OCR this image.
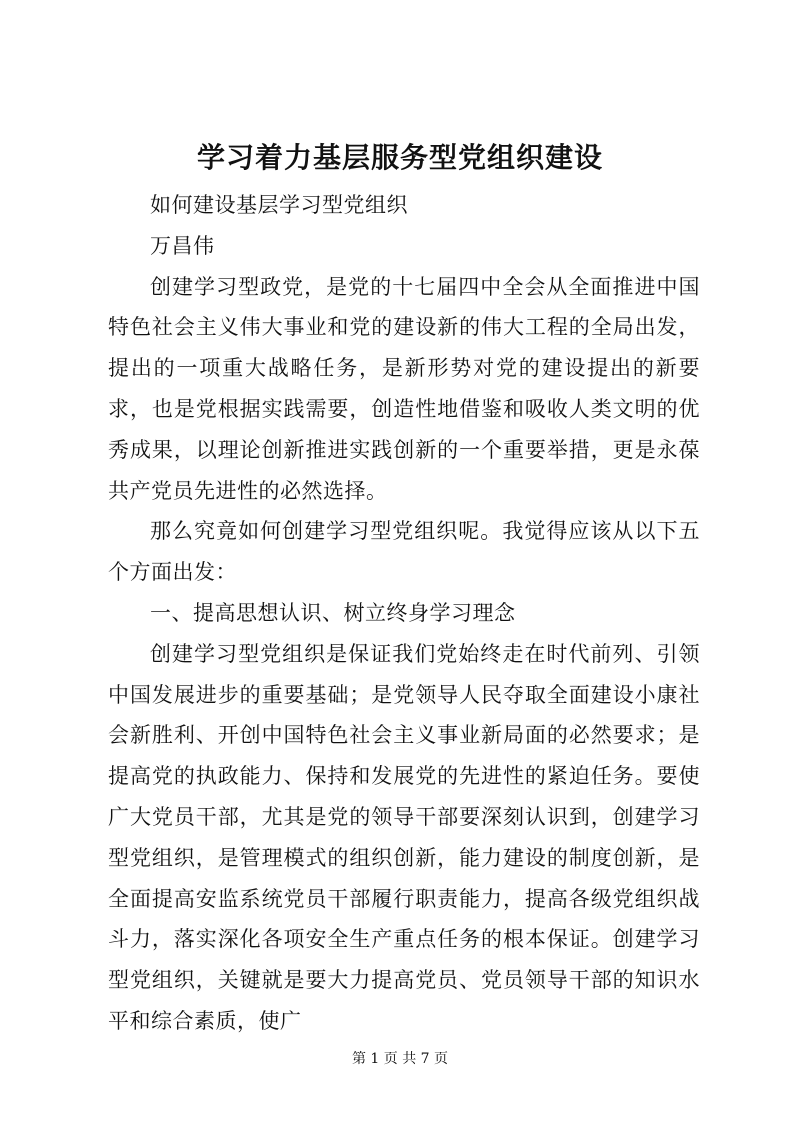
学习着力基层服务型党组织建设

如何建设基层学习型党组织

万昌伟

创建学习型政党，是党的十七届四中全会从全面推进中国特色社会主义伟大事业和党的建设新的伟大工程的全局出发，提出的一项重大战略任务，是新形势对党的建设提出的新要求，也是党根据实践需要，创造性地借鉴和吸收人类文明的优秀成果，以理论创新推进实践创新的一个重要举措，更是永葆共产党员先进性的必然选择。

那么究竟如何创建学习型党组织呢。我觉得应该从以下五个方面出发：

一、提高思想认识、树立终身学习理念

创建学习型党组织是保证我们党始终走在时代前列、引领中国发展进步的重要基础；是党领导人民夺取全面建设小康社会新胜利、开创中国特色社会主义事业新局面的必然要求；是提高党的执政能力、保持和发展党的先进性的紧迫任务。要使广大党员干部，尤其是党的领导干部要深刻认识到，创建学习型党组织，是管理模式的组织创新，能力建设的制度创新，是全面提高安监系统党员干部履行职责能力，提高各级党组织战斗力，落实深化各项安全生产重点任务的根本保证。创建学习型党组织，关键就是要大力提高党员、党员领导干部的知识水平和综合素质，使广

第 1 页 共 7 页
